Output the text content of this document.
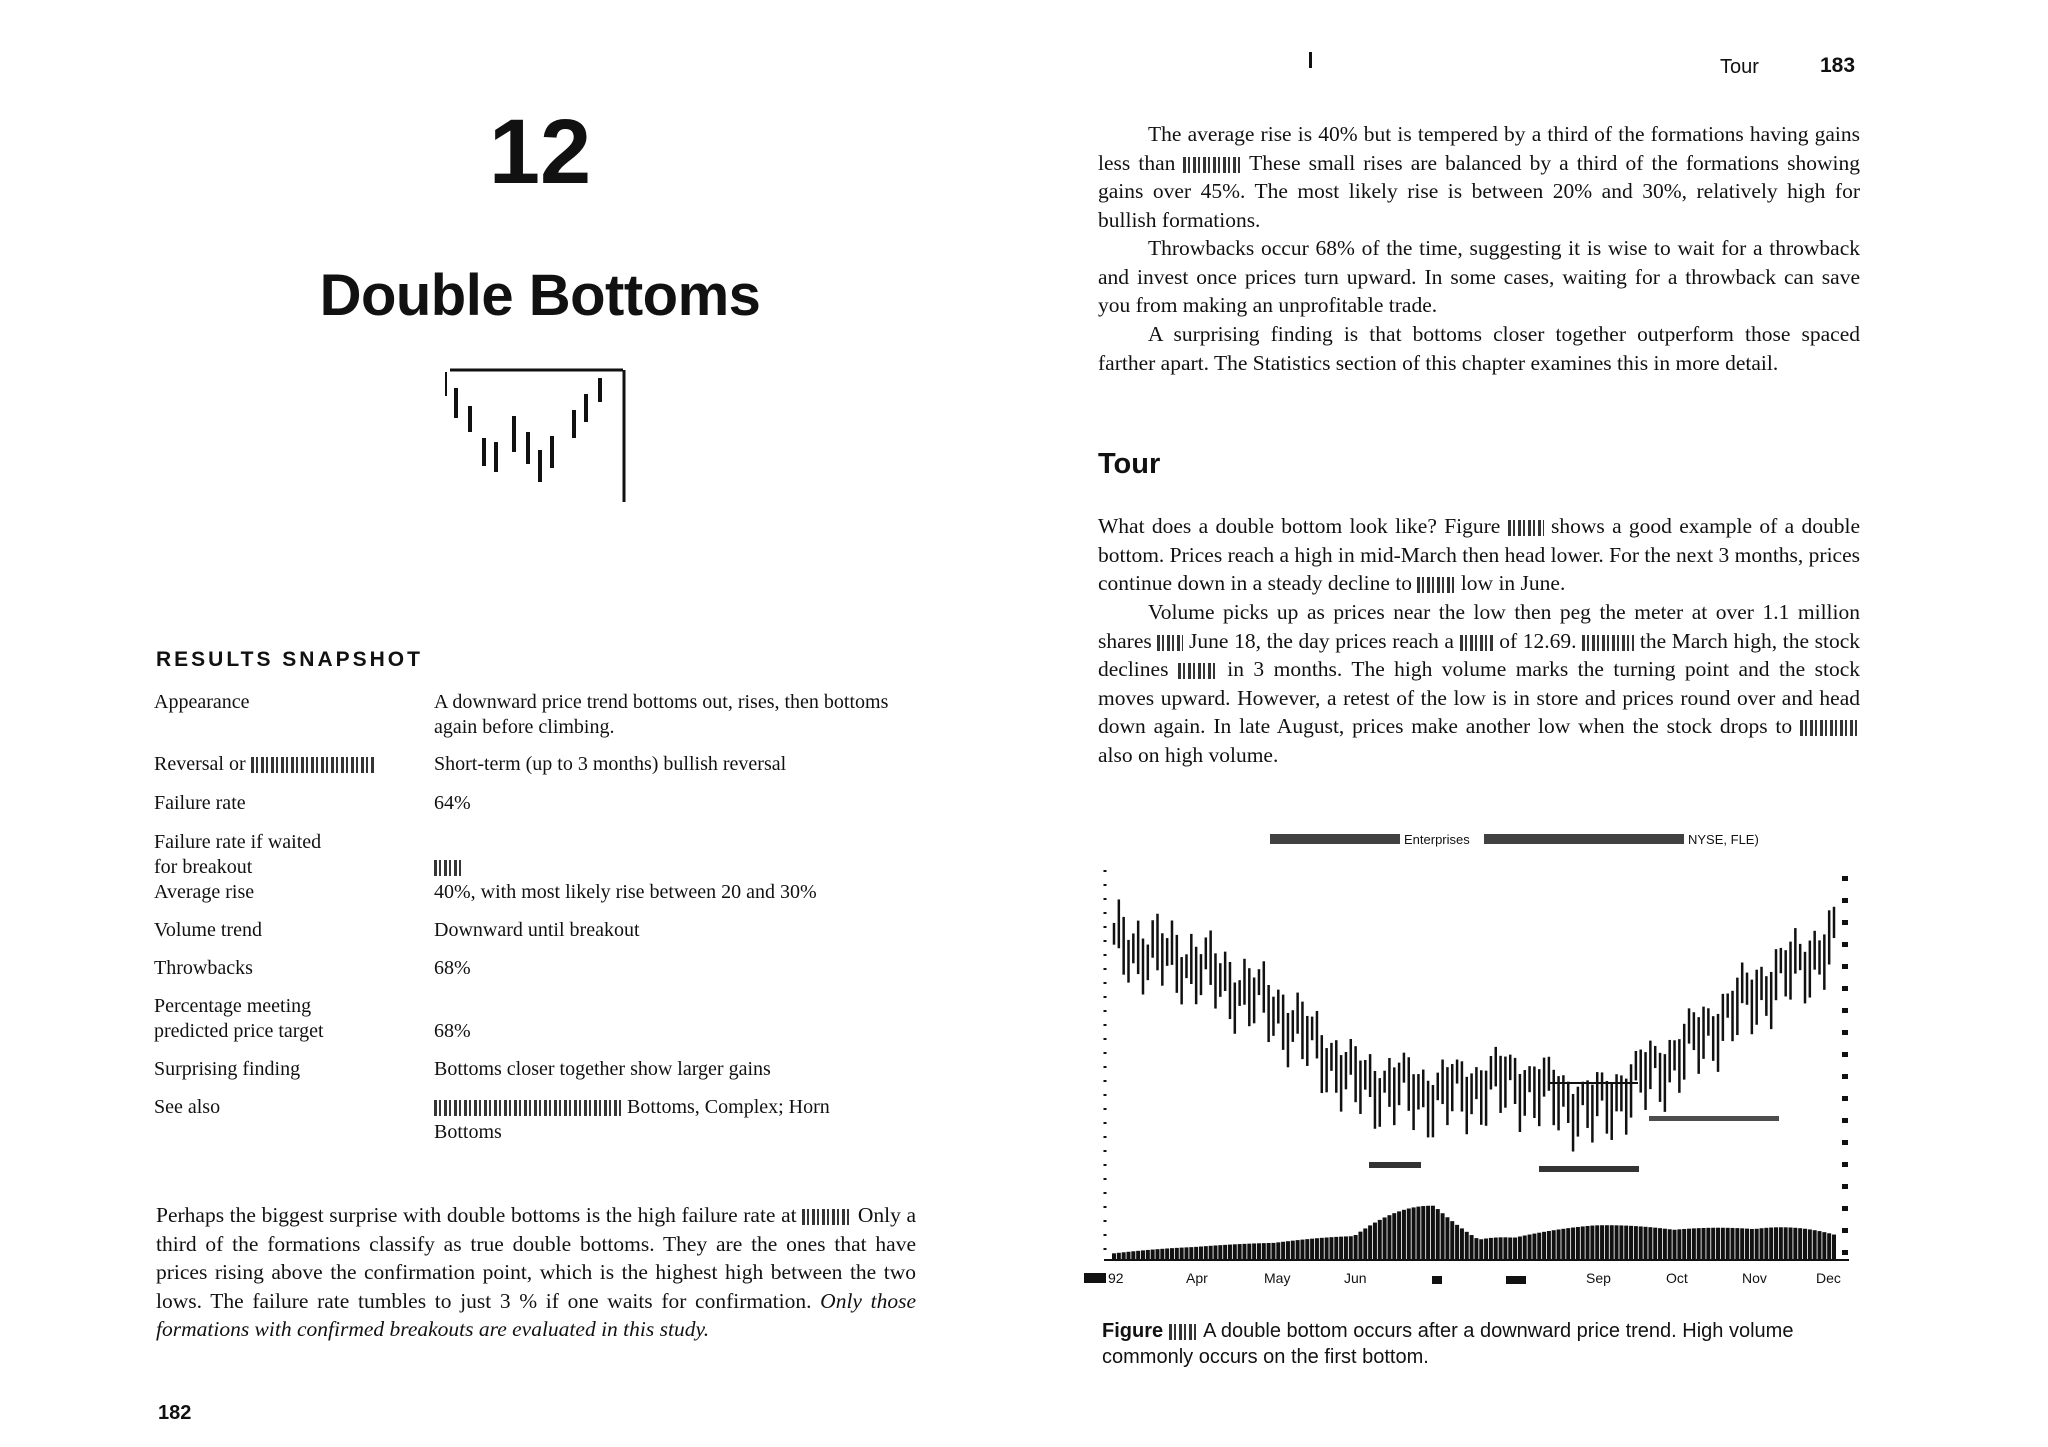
12
Double Bottoms
RESULTS SNAPSHOT
Appearance	A downward price trend bottoms out, rises, then bottoms again before climbing.
Reversal or	Short-term (up to 3 months) bullish reversal
Failure rate	64%
Failure rate if waited for breakout
Average rise	40%, with most likely rise between 20 and 30%
Volume trend	Downward until breakout
Throwbacks	68%
Percentage meeting predicted price target	68%
Surprising finding	Bottoms closer together show larger gains
See also	Bottoms, Complex; Horn Bottoms
Perhaps the biggest surprise with double bottoms is the high failure rate at	Only a third of the formations classify as true double bottoms. They are the ones that have prices rising above the confirmation point, which is the highest high between the two lows. The failure rate tumbles to just 3 % if one waits for confirmation. Only those formations with confirmed breakouts are evaluated in this study.
182
Tour	183
The average rise is 40% but is tempered by a third of the formations having gains less than	These small rises are balanced by a third of the formations showing gains over 45%. The most likely rise is between 20% and 30%, relatively high for bullish formations.
Throwbacks occur 68% of the time, suggesting it is wise to wait for a throwback and invest once prices turn upward. In some cases, waiting for a throwback can save you from making an unprofitable trade.
A surprising finding is that bottoms closer together outperform those spaced farther apart. The Statistics section of this chapter examines this in more detail.
Tour
What does a double bottom look like? Figure shows a good example of a double bottom. Prices reach a high in mid-March then head lower. For the next 3 months, prices continue down in a steady decline to low in June.
Volume picks up as prices near the low then peg the meter at over 1.1 million shares June 18, the day prices reach a of 12.69.	the March high, the stock declines	in 3 months. The high volume marks the turning point and the stock moves upward. However, a retest of the low is in store and prices round over and head down again. In late August, prices make another low when the stock drops to  also on high volume.
Enterprises	NYSE, FLE)
92	Apr	May	Jun	Sep	Oct	Nov	Dec
Figure A double bottom occurs after a downward price trend. High volume commonly occurs on the first bottom.
